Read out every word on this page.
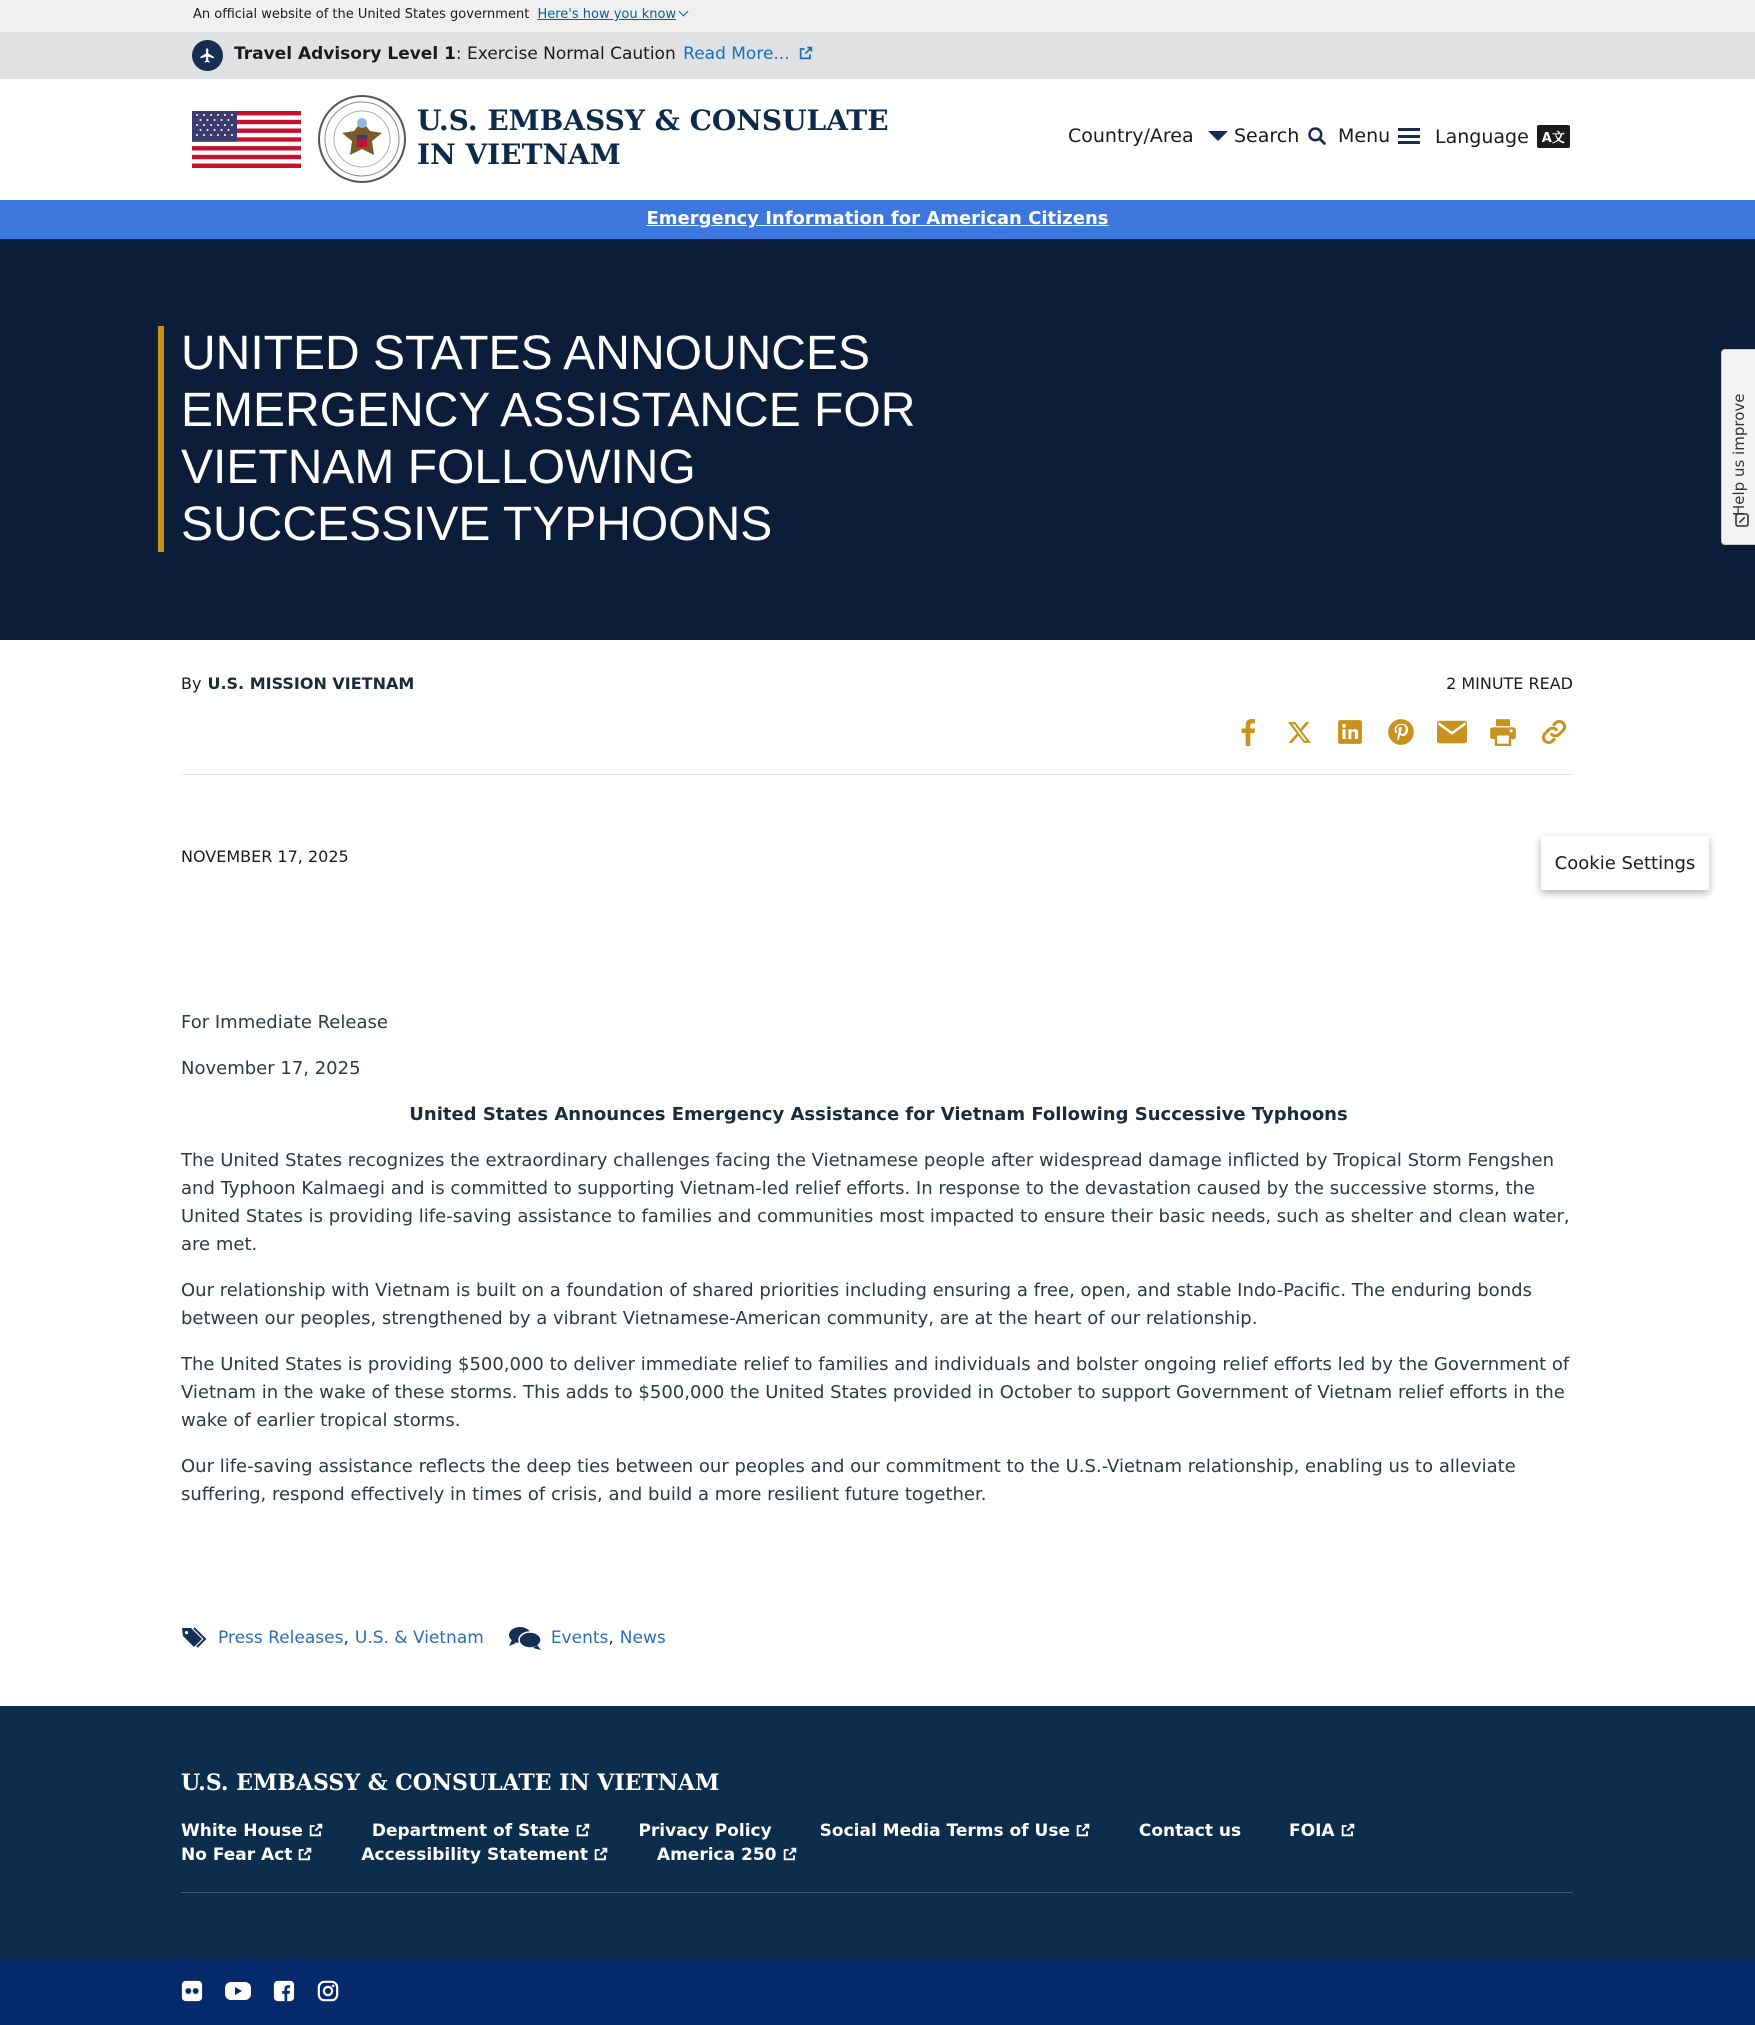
An official website of the United States government Here's how you know
Travel Advisory Level 1: Exercise Normal Caution Read More...
U.S. EMBASSY & CONSULATE IN VIETNAM
Country/Area Search Menu Language	A文
Emergency Information for American Citizens
UNITED STATES ANNOUNCES EMERGENCY ASSISTANCE FOR VIETNAM FOLLOWING SUCCESSIVE TYPHOONS
Help us improve
By U.S. MISSION VIETNAM	2 MINUTE READ
NOVEMBER 17, 2025	Cookie Settings

For Immediate Release

November 17, 2025

United States Announces Emergency Assistance for Vietnam Following Successive Typhoons

The United States recognizes the extraordinary challenges facing the Vietnamese people after widespread damage inflicted by Tropical Storm Fengshen and Typhoon Kalmaegi and is committed to supporting Vietnam-led relief efforts. In response to the devastation caused by the successive storms, the United States is providing life-saving assistance to families and communities most impacted to ensure their basic needs, such as shelter and clean water, are met.

Our relationship with Vietnam is built on a foundation of shared priorities including ensuring a free, open, and stable Indo-Pacific. The enduring bonds between our peoples, strengthened by a vibrant Vietnamese-American community, are at the heart of our relationship.

The United States is providing $500,000 to deliver immediate relief to families and individuals and bolster ongoing relief efforts led by the Government of Vietnam in the wake of these storms. This adds to $500,000 the United States provided in October to support Government of Vietnam relief efforts in the wake of earlier tropical storms.

Our life-saving assistance reflects the deep ties between our peoples and our commitment to the U.S.-Vietnam relationship, enabling us to alleviate suffering, respond effectively in times of crisis, and build a more resilient future together.

Press Releases , U.S. & Vietnam	Events , News
U.S. EMBASSY & CONSULATE IN VIETNAM
White House	Department of State	Privacy Policy	Social Media Terms of Use	Contact us	FOIA No Fear Act	Accessibility Statement	America 250
